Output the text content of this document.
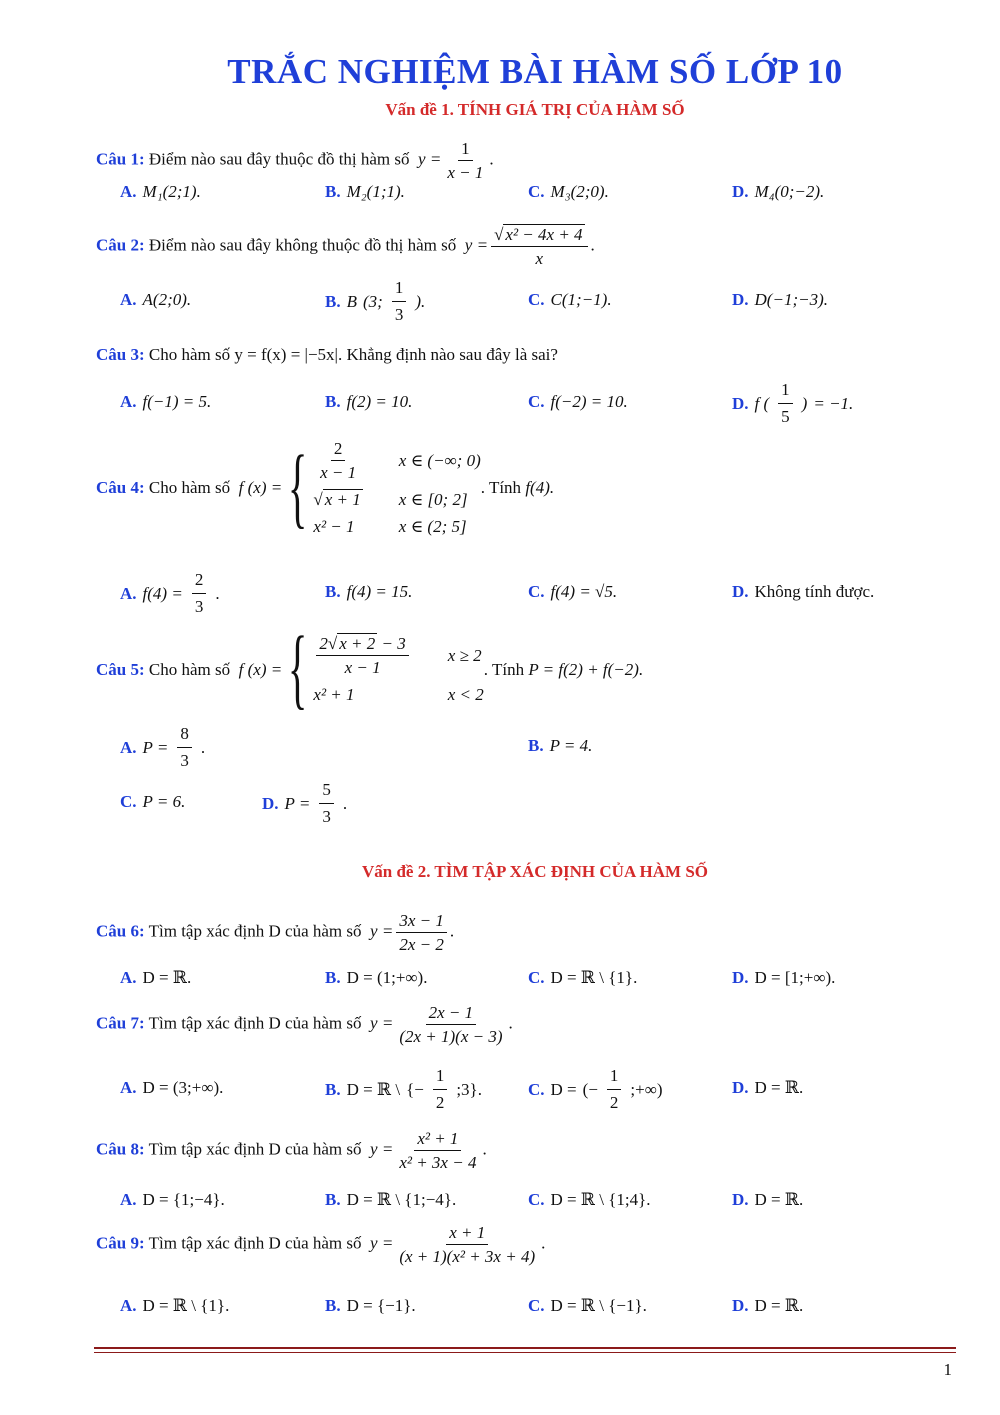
TRẮC NGHIỆM BÀI HÀM SỐ LỚP 10
Vấn đề 1. TÍNH GIÁ TRỊ CỦA HÀM SỐ
Câu 1: Điểm nào sau đây thuộc đồ thị hàm số  $y = \frac{1}{x - 1}$ .
A. M₁(2;1).	B. M₂(1;1).	C. M₃(2;0).	D. M₄(0;−2).
Câu 2: Điểm nào sau đây không thuộc đồ thị hàm số  $y = \frac{\text{√ x² − 4x + 4}}{x}$ .
A. A(2;0).	B. B (3; $\frac{1}{3}$ ).	C. C(1;−1).	D. D(−1;−3).
Câu 3: Cho hàm số y = f(x) = |−5x|. Khẳng định nào sau đây là sai?
A. f(−1) = 5.	B. f(2) = 10.	C. f(−2) = 10.	D. f ( $\frac{1}{5}$ ) = −1.
Câu 4:
Cho hàm số f (x) = { $\frac{2}{x - 1}$ x ∈ (−∞; 0)
√ x + 1 x ∈ [0; 2]
x² − 1	x ∈ (2; 5]
. Tính
f(4).
A. $f(4) = \frac{2}{3}$ .	B. f(4) = 15.	C. f(4) = √5.	D. Không tính được.
Câu 5:
Cho hàm số f (x) = { $\frac{2√ x + 2 - 3}{x - 1}$ x ≥ 2
x² + 1	x < 2
. Tính
P = f(2) + f(−2).
A. $P = \frac{8}{3}$ .	B. P = 4.
C. P = 6.	D. $P = \frac{5}{3}$ .
Vấn đề 2. TÌM TẬP XÁC ĐỊNH CỦA HÀM SỐ
Câu 6: Tìm tập xác định D của hàm số  $y = \frac{3x - 1}{2x - 2}$ .
A. D = ℝ.	B. D = (1;+∞).	C. D = ℝ \ {1}.	D. D = [1;+∞).
Câu 7: Tìm tập xác định D của hàm số  $y = \frac{2x - 1}{(2x + 1)(x - 3)}$ .
A. D = (3;+∞).	B. D = ℝ \ {− $\frac{1}{2}$ ;3}.	C. D = (− $\frac{1}{2}$ ;+∞)	D. D = ℝ.
Câu 8: Tìm tập xác định D của hàm số  $y = \frac{\text{x² + 1}}{\text{x² + 3x − 4}}$ .
A. D = {1;−4}.	B. D = ℝ \ {1;−4}.	C. D = ℝ \ {1;4}.	D. D = ℝ.
Câu 9: Tìm tập xác định D của hàm số  $y = \frac{x + 1}{\text{(x + 1)(x² + 3x + 4)}}$ .
A. D = ℝ \ {1}.	B. D = {−1}.	C. D = ℝ \ {−1}.	D. D = ℝ.
1
